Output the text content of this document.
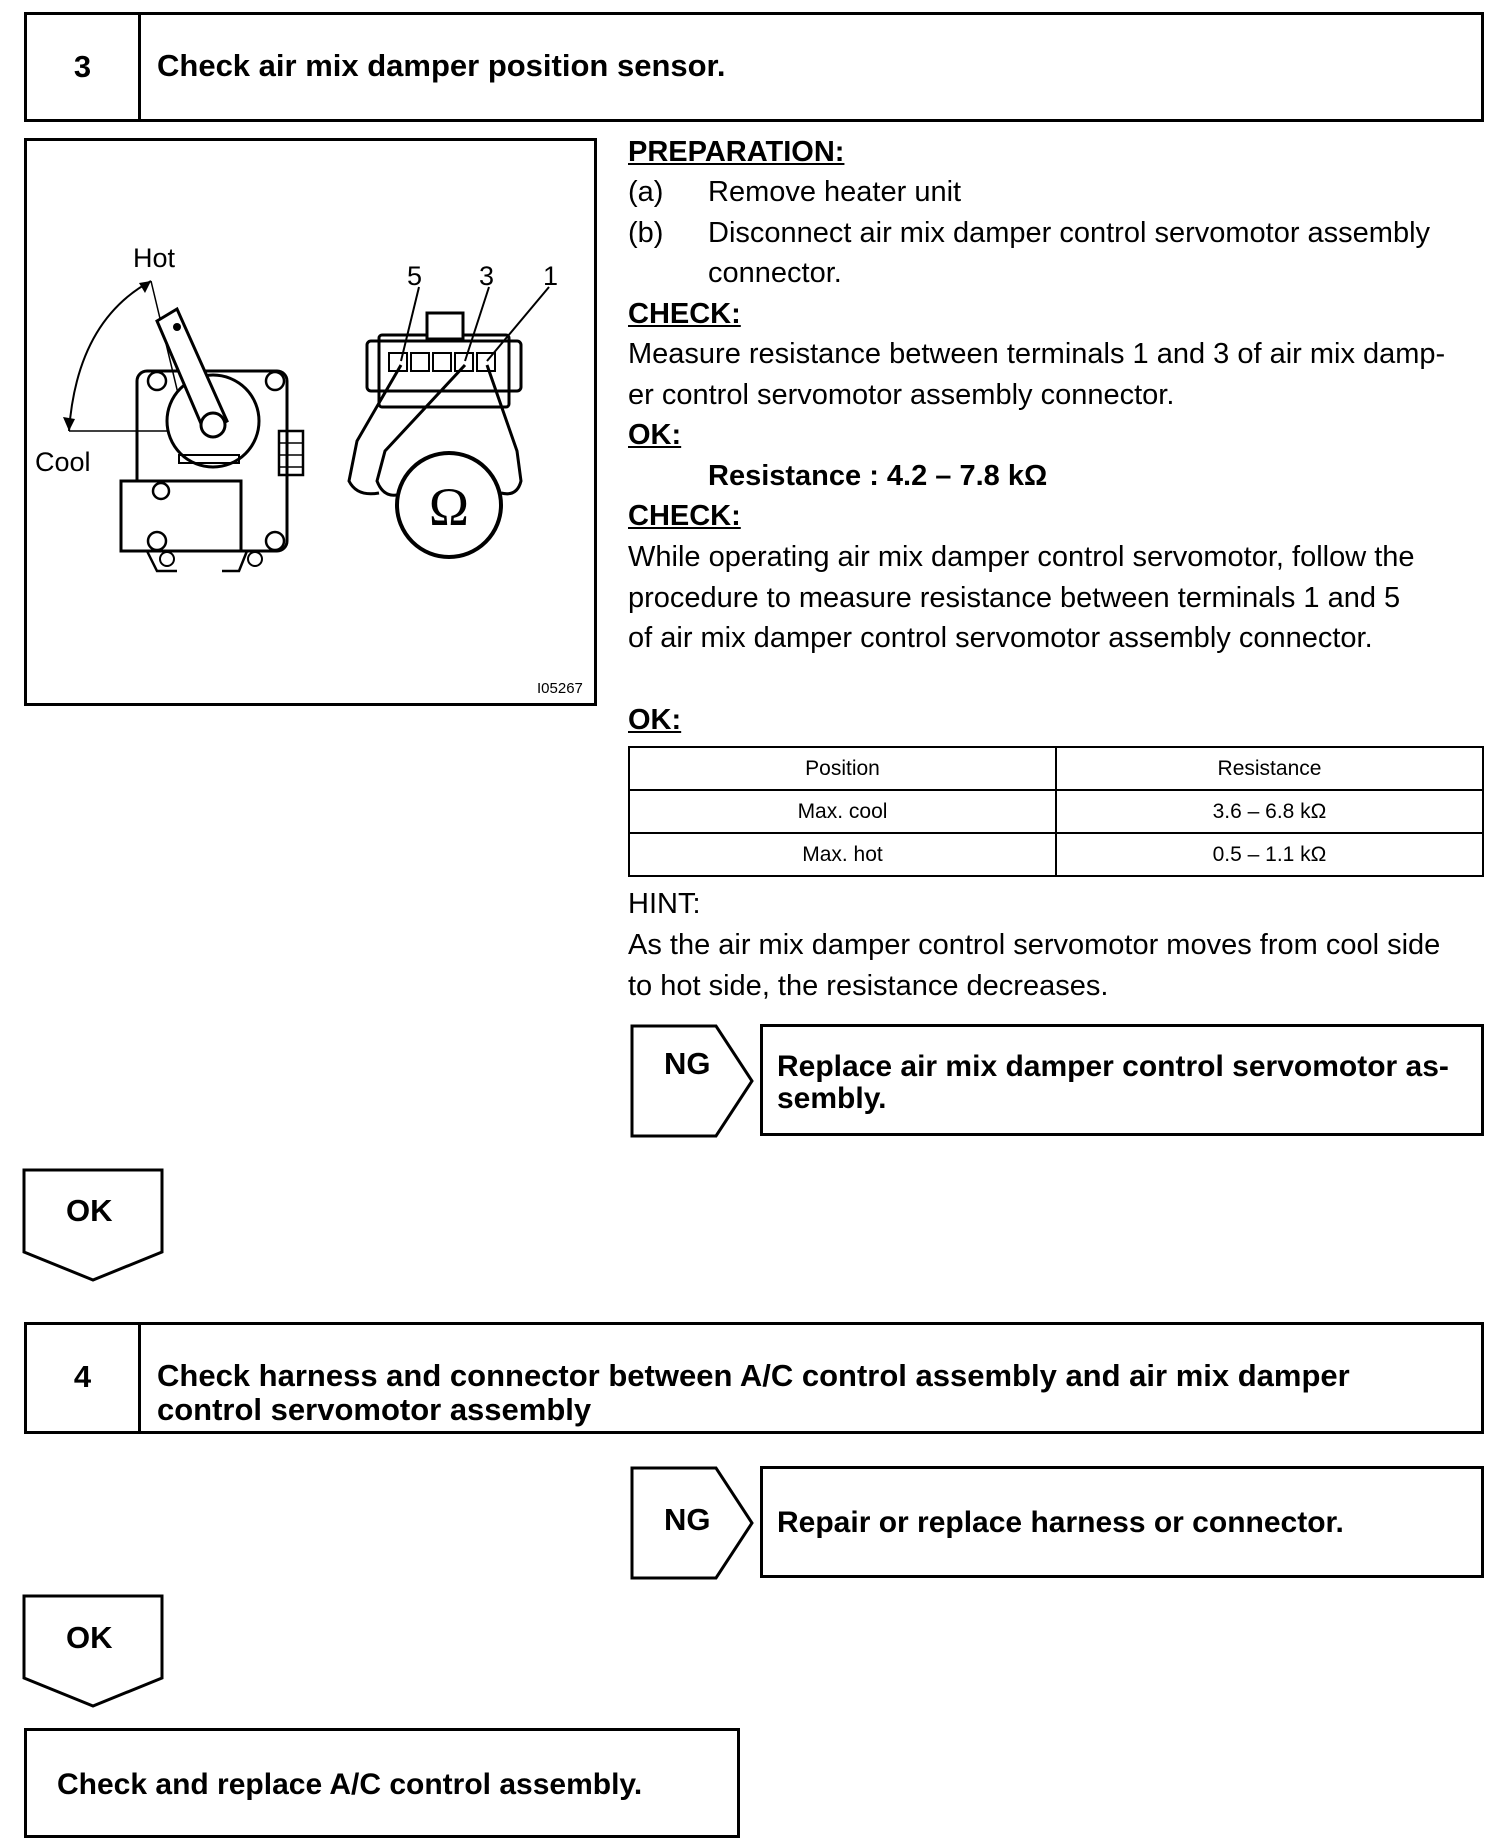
3	Check air mix damper position sensor.
Ω
Hot
Cool
5 3 1
I05267
PREPARATION:
(a) Remove heater unit
(b) Disconnect air mix damper control servomotor assembly
connector.
CHECK:
Measure resistance between terminals 1 and 3 of air mix damp-
er control servomotor assembly connector.
OK:
Resistance : 4.2 – 7.8 kΩ
CHECK:
While operating air mix damper control servomotor, follow the
procedure to measure resistance between terminals 1 and 5
of air mix damper control servomotor assembly connector.
OK:
Position	Resistance
Max. cool	3.6 – 6.8 kΩ
Max. hot	0.5 – 1.1 kΩ
HINT:
As the air mix damper control servomotor moves from cool side
to hot side, the resistance decreases.
NG Replace air mix damper control servomotor as-
sembly.
OK
4	Check harness and connector between A/C control assembly and air mix damper
control servomotor assembly
NG Repair or replace harness or connector.
OK
Check and replace A/C control assembly.
